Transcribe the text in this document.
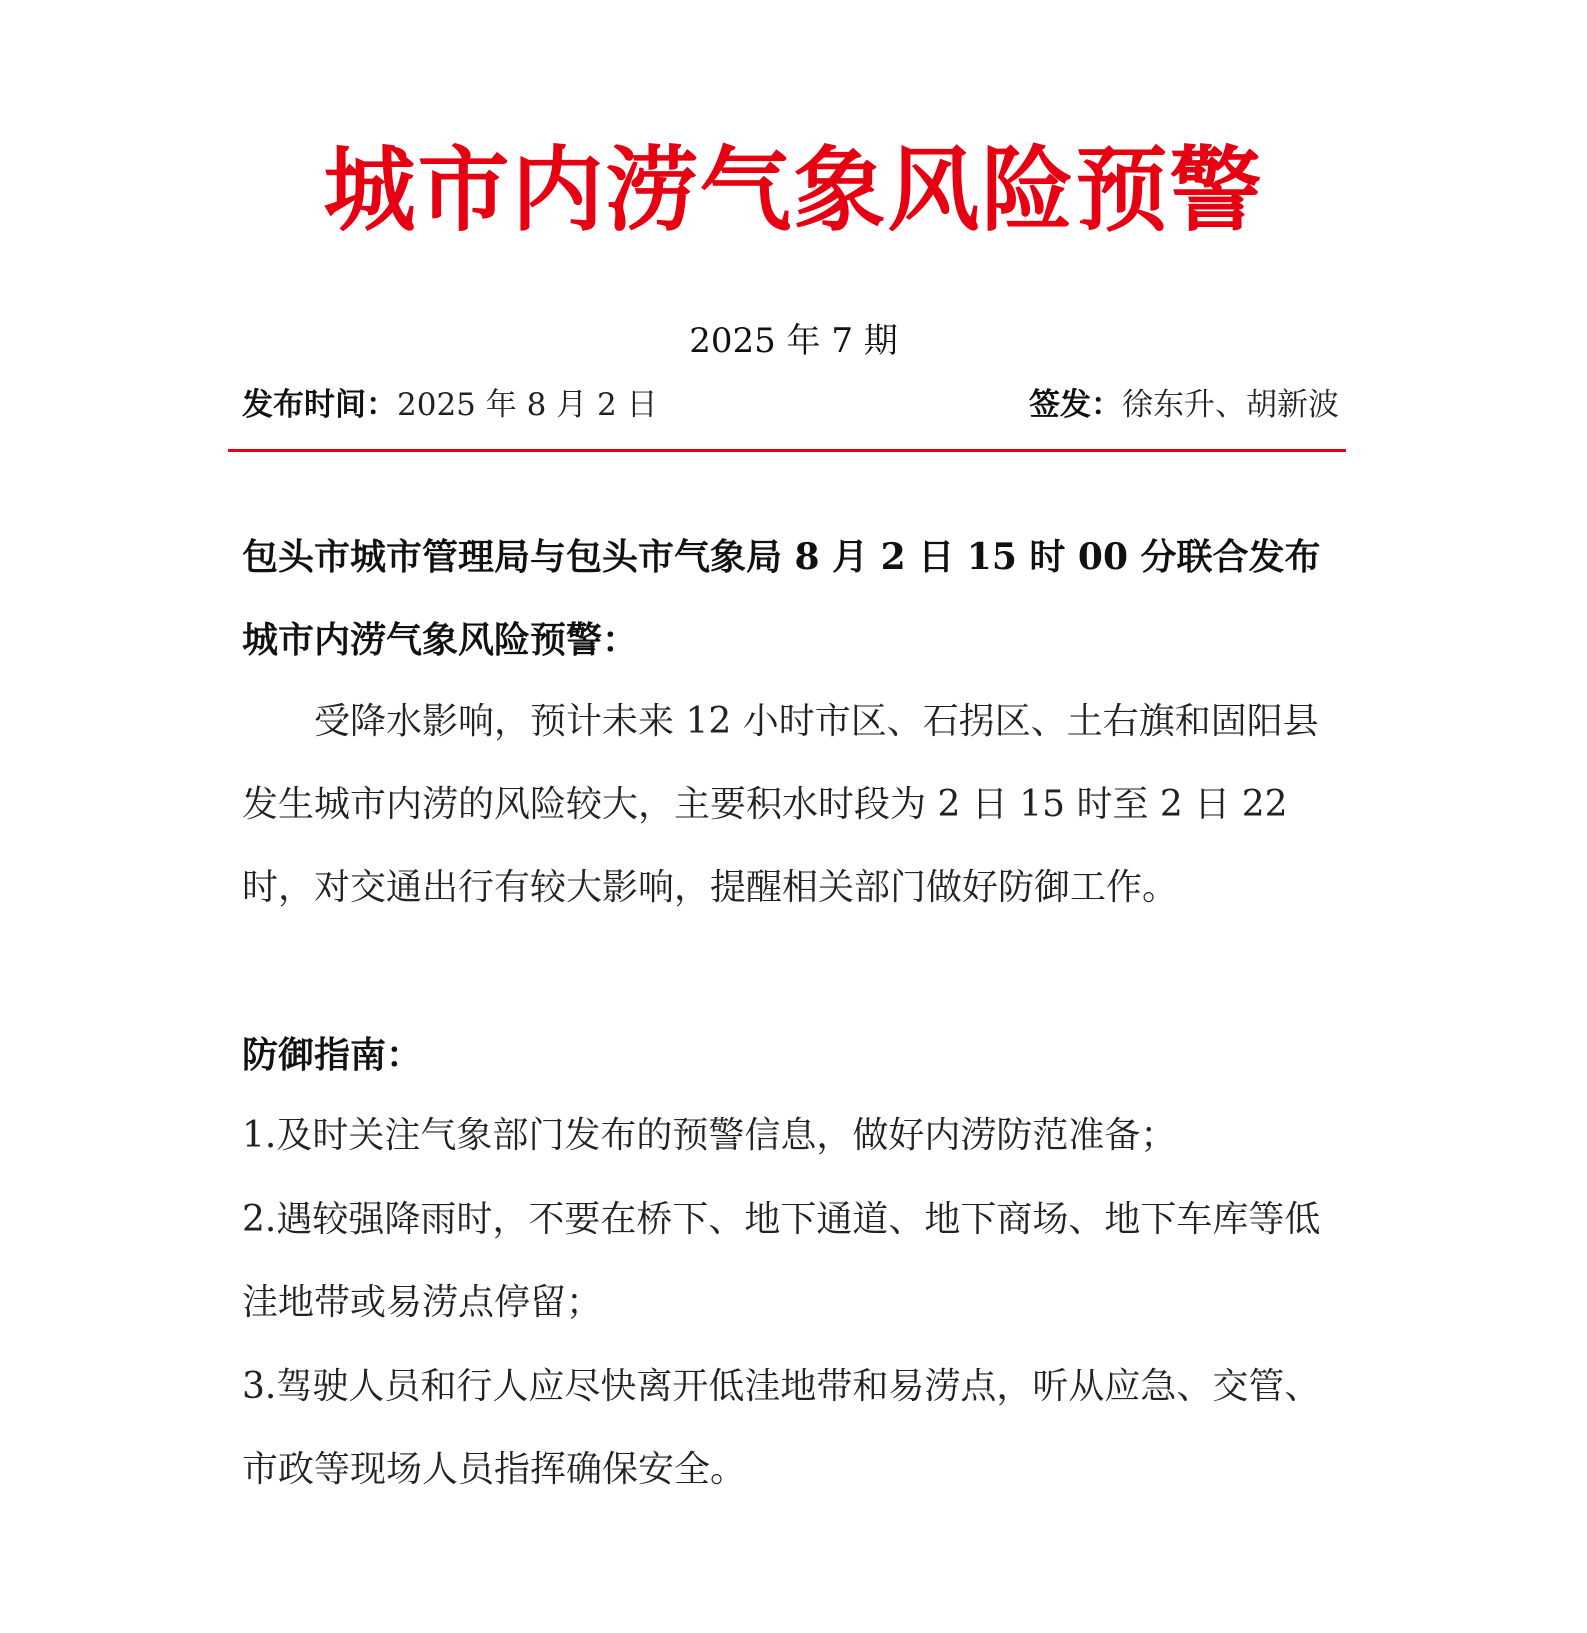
城市内涝气象风险预警
2025 年 7 期
发布时间：2025 年 8 月 2 日	签发：徐东升、胡新波

包头市城市管理局与包头市气象局 8 月 2 日 15 时 00 分联合发布城市内涝气象风险预警：

受降水影响，预计未来 12 小时市区、石拐区、土右旗和固阳县发生城市内涝的风险较大，主要积水时段为 2 日 15 时至 2 日 22 时，对交通出行有较大影响，提醒相关部门做好防御工作。

防御指南：

1.及时关注气象部门发布的预警信息，做好内涝防范准备；

2.遇较强降雨时，不要在桥下、地下通道、地下商场、地下车库等低洼地带或易涝点停留；

3.驾驶人员和行人应尽快离开低洼地带和易涝点，听从应急、交管、市政等现场人员指挥确保安全。
